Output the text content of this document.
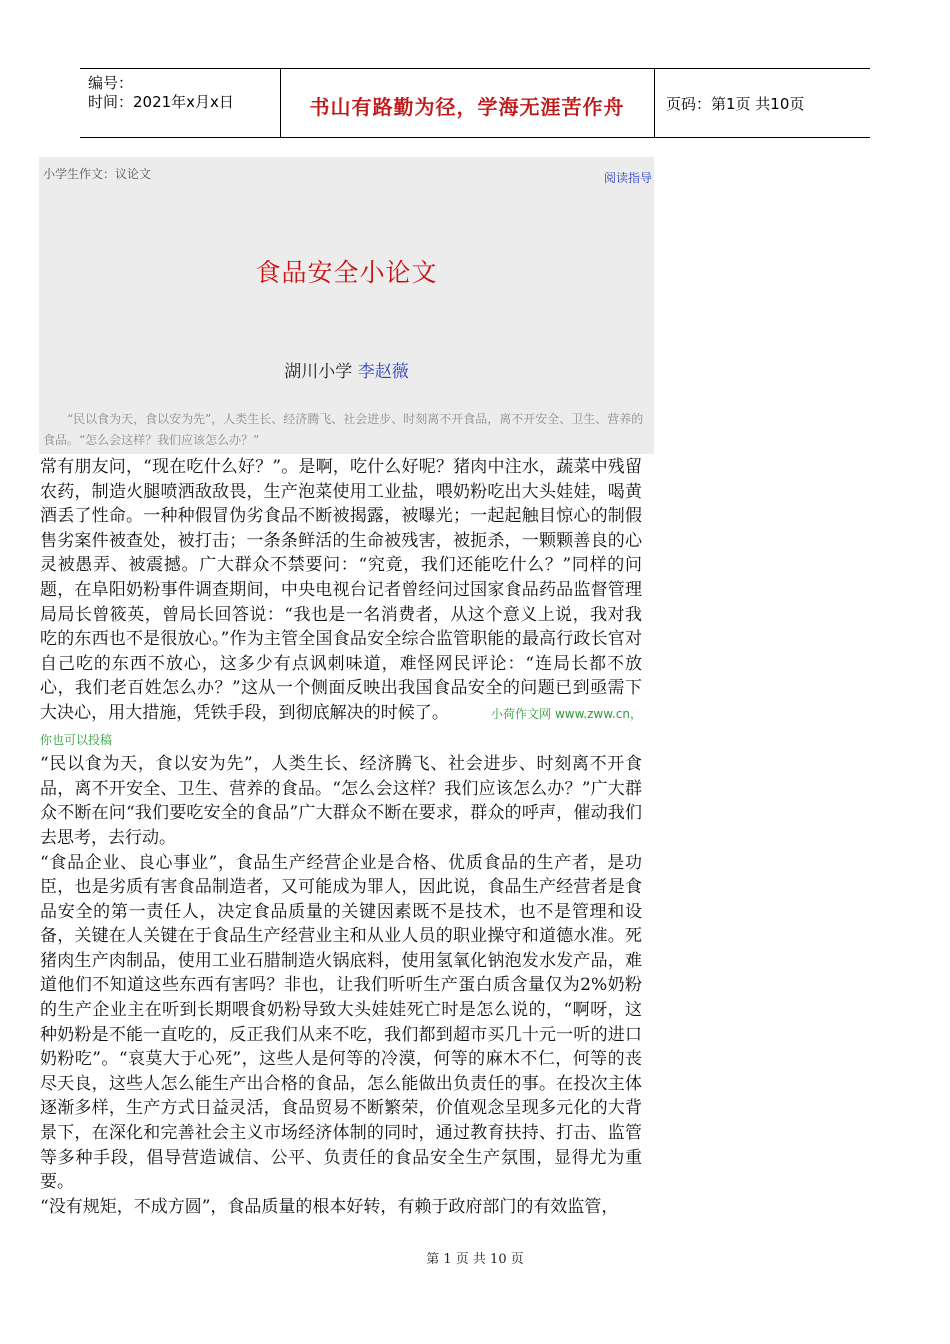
编号：
时间：2021年x月x日	书山有路勤为径，学海无涯苦作舟	页码：第1页 共10页
小学生作文：议论文	阅读指导
食品安全小论文
湖川小学 李赵薇
“民以食为天，食以安为先”，人类生长、经济腾飞、社会进步、时刻离不开食品，离不开安全、卫生、营养的食品。“怎么会这样？我们应该怎么办？”

常有朋友问，“现在吃什么好？”。是啊，吃什么好呢？猪肉中注水，蔬菜中残留农药，制造火腿喷洒敌敌畏，生产泡菜使用工业盐，喂奶粉吃出大头娃娃，喝黄酒丢了性命。一种种假冒伪劣食品不断被揭露，被曝光；一起起触目惊心的制假售劣案件被查处，被打击；一条条鲜活的生命被残害，被扼杀，一颗颗善良的心灵被愚弄、被震撼。广大群众不禁要问：“究竟，我们还能吃什么？”同样的问题，在阜阳奶粉事件调查期间，中央电视台记者曾经问过国家食品药品监督管理局局长曾筱英，曾局长回答说：“我也是一名消费者，从这个意义上说，我对我吃的东西也不是很放心。”作为主管全国食品安全综合监管职能的最高行政长官对自己吃的东西不放心，这多少有点讽刺味道，难怪网民评论：“连局长都不放心，我们老百姓怎么办？”这从一个侧面反映出我国食品安全的问题已到亟需下大决心，用大措施，凭铁手段，到彻底解决的时候了。	小荷作文网 www.zww.cn，你也可以投稿

“民以食为天，食以安为先”，人类生长、经济腾飞、社会进步、时刻离不开食品，离不开安全、卫生、营养的食品。“怎么会这样？我们应该怎么办？”广大群众不断在问“我们要吃安全的食品”广大群众不断在要求，群众的呼声，催动我们去思考，去行动。

“食品企业、良心事业”，食品生产经营企业是合格、优质食品的生产者，是功臣，也是劣质有害食品制造者，又可能成为罪人，因此说，食品生产经营者是食品安全的第一责任人，决定食品质量的关键因素既不是技术，也不是管理和设备，关键在人关键在于食品生产经营业主和从业人员的职业操守和道德水准。死猪肉生产肉制品，使用工业石腊制造火锅底料，使用氢氧化钠泡发水发产品，难道他们不知道这些东西有害吗？非也，让我们听听生产蛋白质含量仅为2%奶粉的生产企业主在听到长期喂食奶粉导致大头娃娃死亡时是怎么说的，“啊呀，这种奶粉是不能一直吃的，反正我们从来不吃，我们都到超市买几十元一听的进口奶粉吃”。“哀莫大于心死”，这些人是何等的冷漠，何等的麻木不仁，何等的丧尽天良，这些人怎么能生产出合格的食品，怎么能做出负责任的事。在投次主体逐渐多样，生产方式日益灵活，食品贸易不断繁荣，价值观念呈现多元化的大背景下，在深化和完善社会主义市场经济体制的同时，通过教育扶持、打击、监管等多种手段，倡导营造诚信、公平、负责任的食品安全生产氛围，显得尤为重要。

“没有规矩，不成方圆”，食品质量的根本好转，有赖于政府部门的有效监管，

第 1 页 共 10 页
